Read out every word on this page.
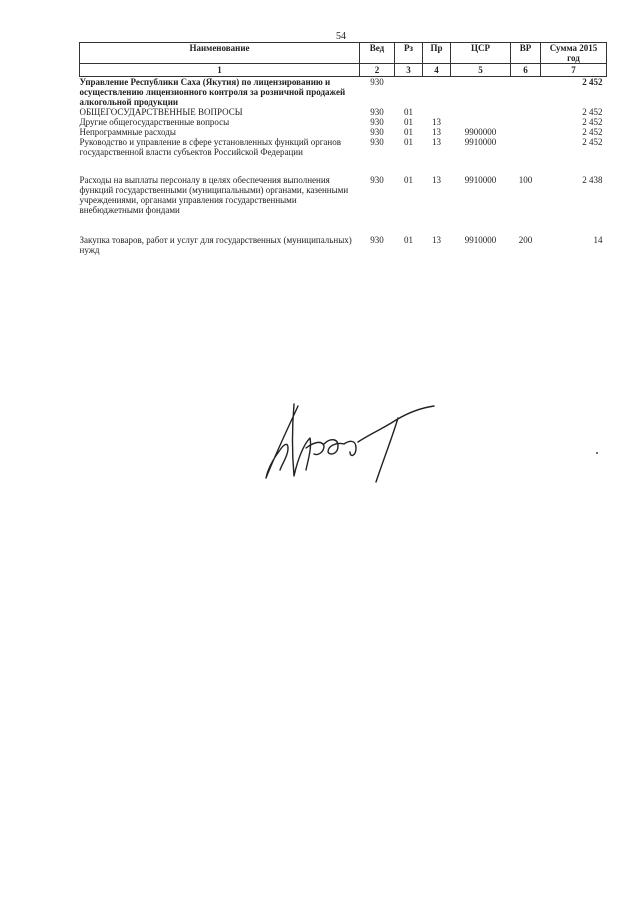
54
Наименование	Вед	Рз	Пр	ЦСР	ВР	Сумма 2015 год
1	2	3	4	5	6	7
Управление Республики Саха (Якутия) по лицензированию и осуществлению лицензионного контроля за розничной продажей алкогольной продукции	930					2 452
ОБЩЕГОСУДАРСТВЕННЫЕ ВОПРОСЫ	930	01				2 452
Другие общегосударственные вопросы	930	01	13			2 452
Непрограммные расходы	930	01	13	9900000		2 452
Руководство и управление в сфере установленных функций органов государственной власти субъектов Российской Федерации	930	01	13	9910000		2 452

Расходы на выплаты персоналу в целях обеспечения выполнения функций государственными (муниципальными) органами, казенными учреждениями, органами управления государственными внебюджетными фондами	930	01	13	9910000	100	2 438

Закупка товаров, работ и услуг для государственных (муниципальных) нужд	930	01	13	9910000	200	14
